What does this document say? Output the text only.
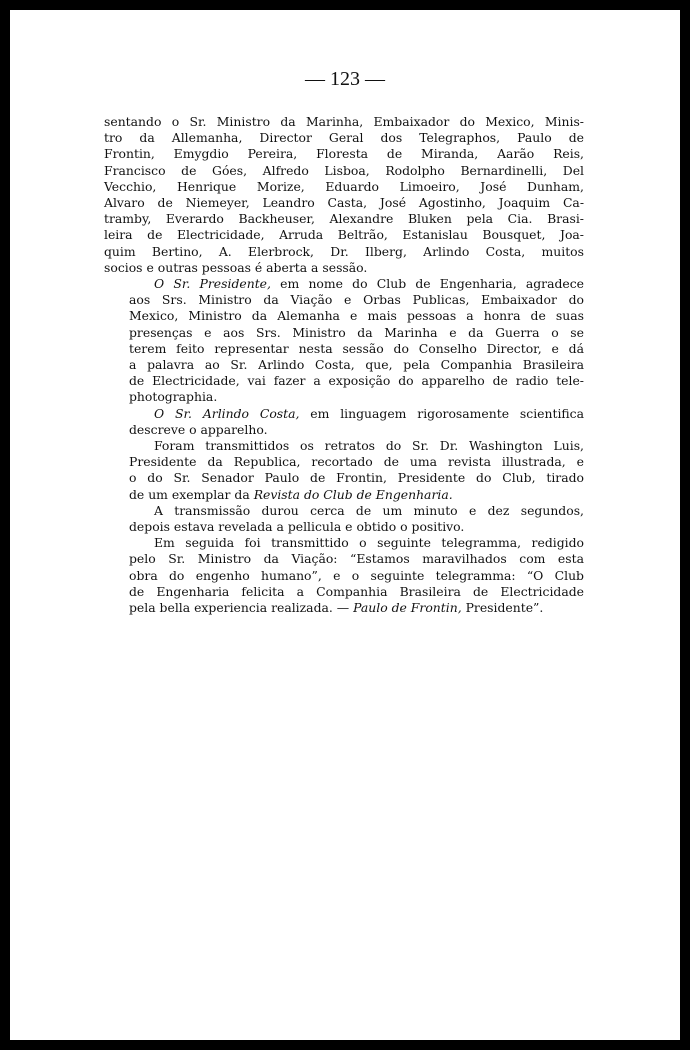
— 123 —
sentando o Sr. Ministro da Marinha, Embaixador do Mexico, Minis-
tro da Allemanha, Director Geral dos Telegraphos, Paulo de
Frontin, Emygdio Pereira, Floresta de Miranda, Aarão Reis,
Francisco de Góes, Alfredo Lisboa, Rodolpho Bernardinelli, Del
Vecchio, Henrique Morize, Eduardo Limoeiro, José Dunham,
Alvaro de Niemeyer, Leandro Casta, José Agostinho, Joaquim Ca-
tramby, Everardo Backheuser, Alexandre Bluken pela Cia. Brasi-
leira de Electricidade, Arruda Beltrão, Estanislau Bousquet, Joa-
quim Bertino, A. Elerbrock, Dr. Ilberg, Arlindo Costa, muitos
socios e outras pessoas é aberta a sessão.
O Sr. Presidente, em nome do Club de Engenharia, agradece
aos Srs. Ministro da Viação e Orbas Publicas, Embaixador do
Mexico, Ministro da Alemanha e mais pessoas a honra de suas
presenças e aos Srs. Ministro da Marinha e da Guerra o se
terem feito representar nesta sessão do Conselho Director, e dá
a palavra ao Sr. Arlindo Costa, que, pela Companhia Brasileira
de Electricidade, vai fazer a exposição do apparelho de radio tele-
photographia.
O Sr. Arlindo Costa, em linguagem rigorosamente scientifica
descreve o apparelho.
Foram transmittidos os retratos do Sr. Dr. Washington Luis,
Presidente da Republica, recortado de uma revista illustrada, e
o do Sr. Senador Paulo de Frontin, Presidente do Club, tirado
de um exemplar da Revista do Club de Engenharia.
A transmissão durou cerca de um minuto e dez segundos,
depois estava revelada a pellicula e obtido o positivo.
Em seguida foi transmittido o seguinte telegramma, redigido
pelo Sr. Ministro da Viação: “Estamos maravilhados com esta
obra do engenho humano”, e o seguinte telegramma: “O Club
de Engenharia felicita a Companhia Brasileira de Electricidade
pela bella experiencia realizada. — Paulo de Frontin, Presidente”.
